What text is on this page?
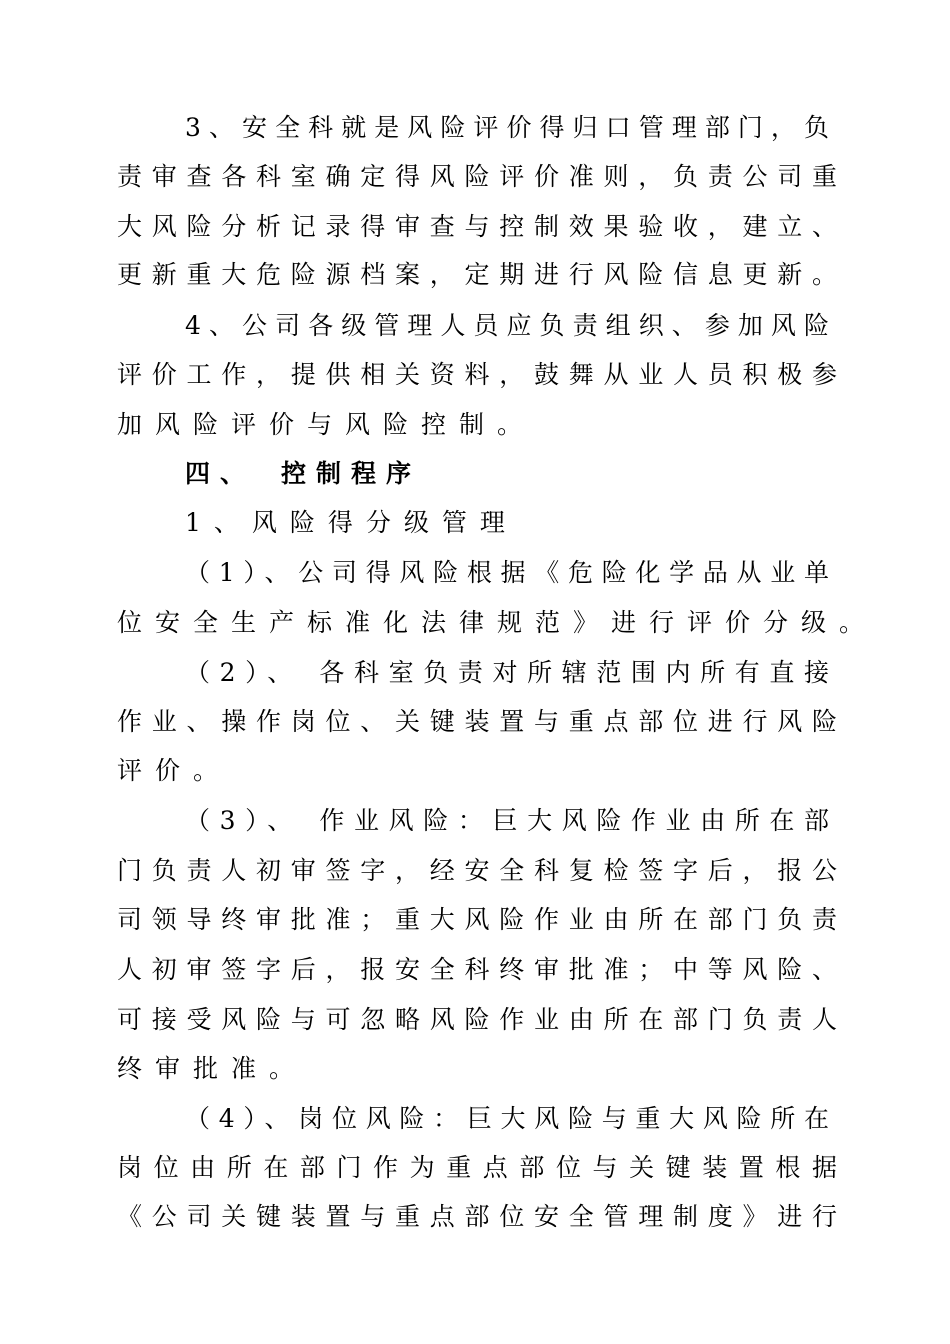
3、安全科就是风险评价得归口管理部门，负
责审查各科室确定得风险评价准则，负责公司重
大风险分析记录得审查与控制效果验收，建立、
更新重大危险源档案，定期进行风险信息更新。
4、公司各级管理人员应负责组织、参加风险
评价工作，提供相关资料，鼓舞从业人员积极参
加风险评价与风险控制。
四、 控制程序
1、风险得分级管理
（1）、公司得风险根据《危险化学品从业单
位安全生产标准化法律规范》进行评价分级。
（2）、 各科室负责对所辖范围内所有直接
作业、操作岗位、关键装置与重点部位进行风险
评价。
（3）、 作业风险：巨大风险作业由所在部
门负责人初审签字，经安全科复检签字后，报公
司领导终审批准；重大风险作业由所在部门负责
人初审签字后，报安全科终审批准；中等风险、
可接受风险与可忽略风险作业由所在部门负责人
终审批准。
（4）、岗位风险：巨大风险与重大风险所在
岗位由所在部门作为重点部位与关键装置根据
《公司关键装置与重点部位安全管理制度》进行
